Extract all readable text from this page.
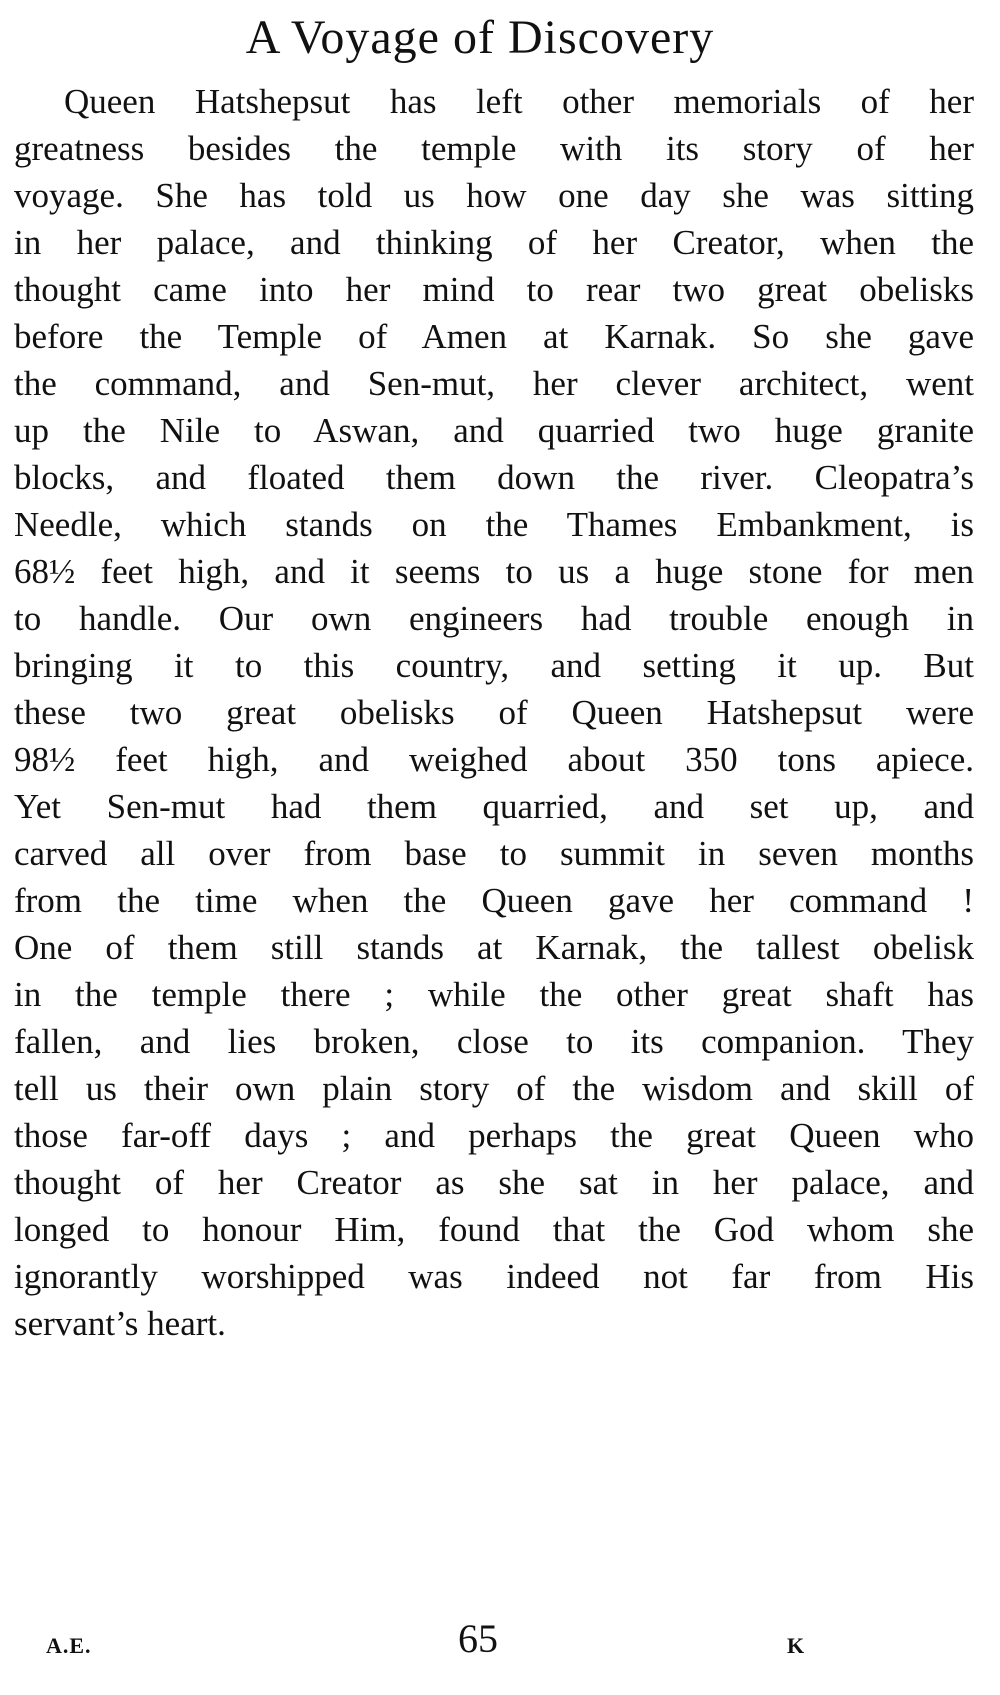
A Voyage of Discovery
Queen Hatshepsut has left other memorials of her
greatness besides the temple with its story of her
voyage. She has told us how one day she was sitting
in her palace, and thinking of her Creator, when the
thought came into her mind to rear two great obelisks
before the Temple of Amen at Karnak. So she gave
the command, and Sen-mut, her clever architect, went
up the Nile to Aswan, and quarried two huge granite
blocks, and floated them down the river. Cleopatra’s
Needle, which stands on the Thames Embankment, is
68½ feet high, and it seems to us a huge stone for men
to handle. Our own engineers had trouble enough in
bringing it to this country, and setting it up. But
these two great obelisks of Queen Hatshepsut were
98½ feet high, and weighed about 350 tons apiece.
Yet Sen-mut had them quarried, and set up, and
carved all over from base to summit in seven months
from the time when the Queen gave her command !
One of them still stands at Karnak, the tallest obelisk
in the temple there ; while the other great shaft has
fallen, and lies broken, close to its companion. They
tell us their own plain story of the wisdom and skill of
those far-off days ; and perhaps the great Queen who
thought of her Creator as she sat in her palace, and
longed to honour Him, found that the God whom she
ignorantly worshipped was indeed not far from His
servant’s heart.
A.E.	65	K
